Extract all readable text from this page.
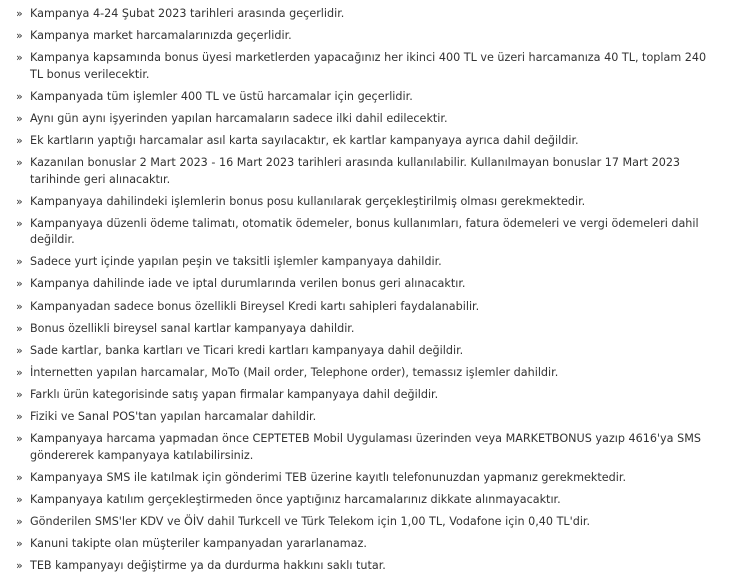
» Kampanya 4-24 Şubat 2023 tarihleri arasında geçerlidir.
» Kampanya market harcamalarınızda geçerlidir.
» Kampanya kapsamında bonus üyesi marketlerden yapacağınız her ikinci 400 TL ve üzeri harcamanıza 40 TL, toplam 240 TL bonus verilecektir.
» Kampanyada tüm işlemler 400 TL ve üstü harcamalar için geçerlidir.
» Aynı gün aynı işyerinden yapılan harcamaların sadece ilki dahil edilecektir.
» Ek kartların yaptığı harcamalar asıl karta sayılacaktır, ek kartlar kampanyaya ayrıca dahil değildir.
» Kazanılan bonuslar 2 Mart 2023 - 16 Mart 2023 tarihleri arasında kullanılabilir. Kullanılmayan bonuslar 17 Mart 2023 tarihinde geri alınacaktır.
» Kampanyaya dahilindeki işlemlerin bonus posu kullanılarak gerçekleştirilmiş olması gerekmektedir.
» Kampanyaya düzenli ödeme talimatı, otomatik ödemeler, bonus kullanımları, fatura ödemeleri ve vergi ödemeleri dahil değildir.
» Sadece yurt içinde yapılan peşin ve taksitli işlemler kampanyaya dahildir.
» Kampanya dahilinde iade ve iptal durumlarında verilen bonus geri alınacaktır.
» Kampanyadan sadece bonus özellikli Bireysel Kredi kartı sahipleri faydalanabilir.
» Bonus özellikli bireysel sanal kartlar kampanyaya dahildir.
» Sade kartlar, banka kartları ve Ticari kredi kartları kampanyaya dahil değildir.
» İnternetten yapılan harcamalar, MoTo (Mail order, Telephone order), temassız işlemler dahildir.
» Farklı ürün kategorisinde satış yapan firmalar kampanyaya dahil değildir.
» Fiziki ve Sanal POS'tan yapılan harcamalar dahildir.
» Kampanyaya harcama yapmadan önce CEPTETEB Mobil Uygulaması üzerinden veya MARKETBONUS yazıp 4616'ya SMS göndererek kampanyaya katılabilirsiniz.
» Kampanyaya SMS ile katılmak için gönderimi TEB üzerine kayıtlı telefonunuzdan yapmanız gerekmektedir.
» Kampanyaya katılım gerçekleştirmeden önce yaptığınız harcamalarınız dikkate alınmayacaktır.
» Gönderilen SMS'ler KDV ve ÖİV dahil Turkcell ve Türk Telekom için 1,00 TL, Vodafone için 0,40 TL'dir.
» Kanuni takipte olan müşteriler kampanyadan yararlanamaz.
» TEB kampanyayı değiştirme ya da durdurma hakkını saklı tutar.
